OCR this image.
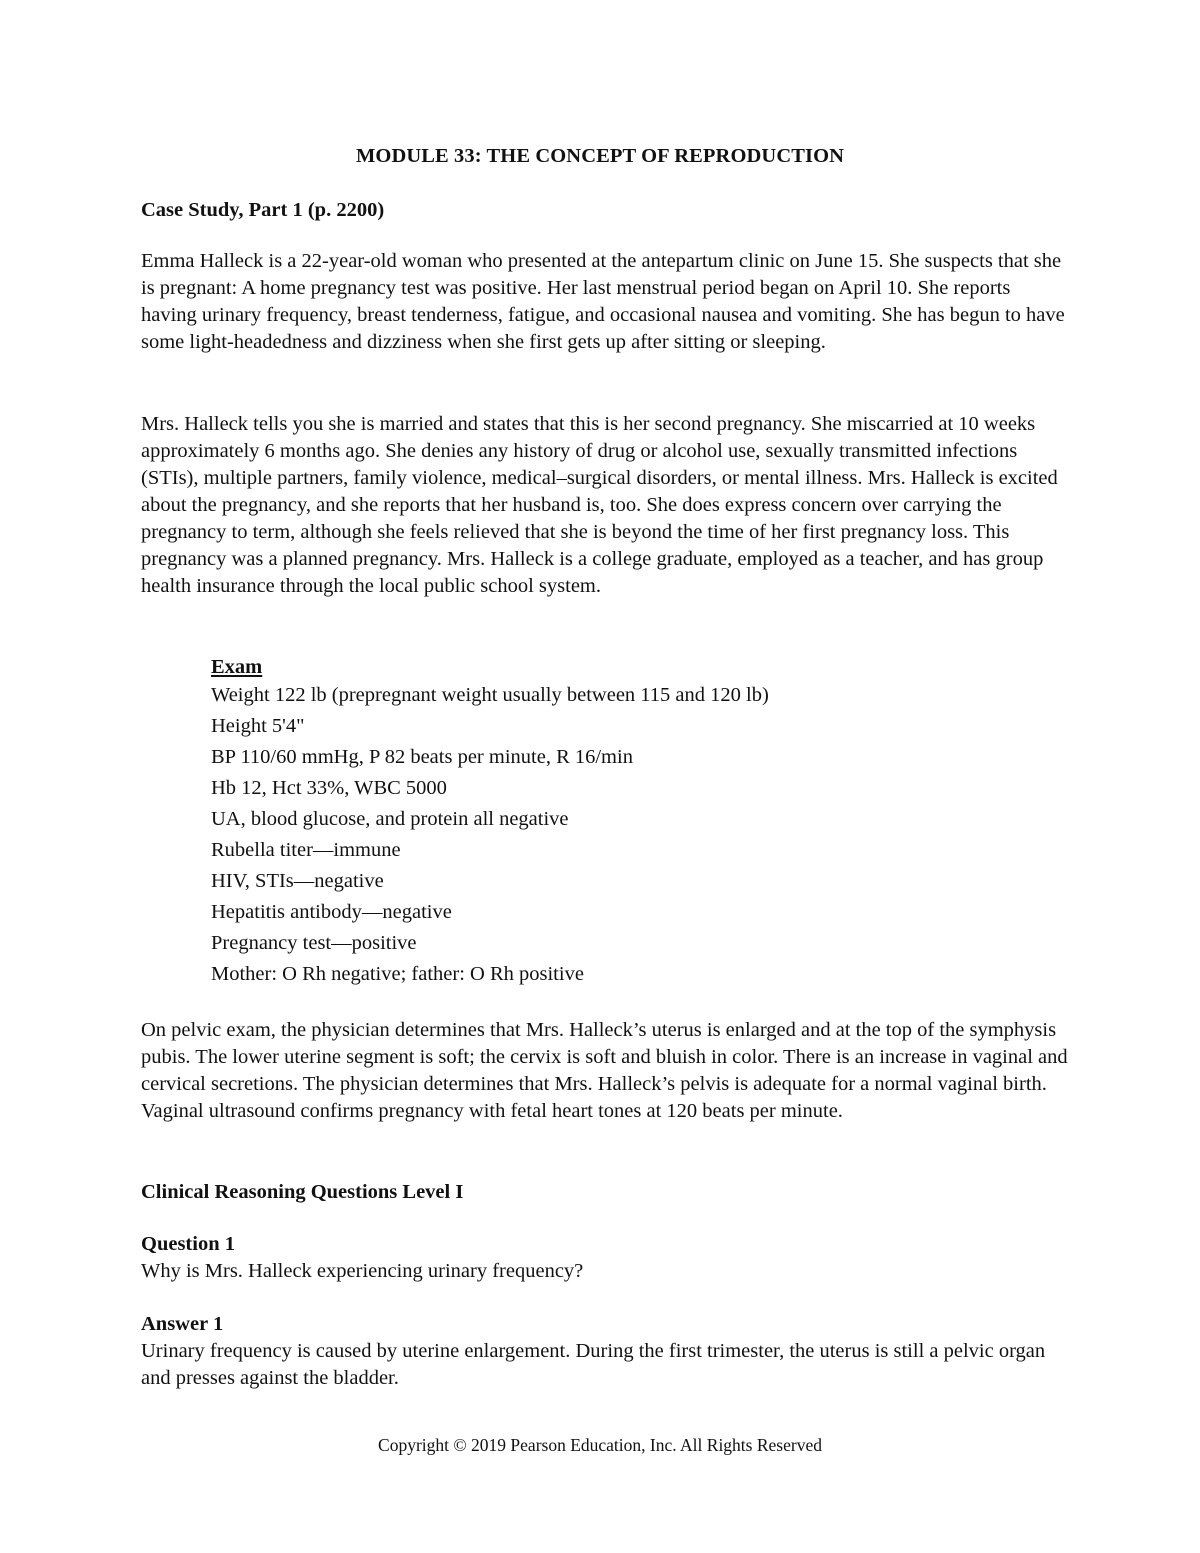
MODULE 33: THE CONCEPT OF REPRODUCTION
Case Study, Part 1 (p. 2200)

Emma Halleck is a 22-year-old woman who presented at the antepartum clinic on June 15. She suspects that she is pregnant: A home pregnancy test was positive. Her last menstrual period began on April 10. She reports having urinary frequency, breast tenderness, fatigue, and occasional nausea and vomiting. She has begun to have some light-headedness and dizziness when she first gets up after sitting or sleeping.

Mrs. Halleck tells you she is married and states that this is her second pregnancy. She miscarried at 10 weeks approximately 6 months ago. She denies any history of drug or alcohol use, sexually transmitted infections (STIs), multiple partners, family violence, medical–surgical disorders, or mental illness. Mrs. Halleck is excited about the pregnancy, and she reports that her husband is, too. She does express concern over carrying the pregnancy to term, although she feels relieved that she is beyond the time of her first pregnancy loss. This pregnancy was a planned pregnancy. Mrs. Halleck is a college graduate, employed as a teacher, and has group health insurance through the local public school system.

Exam
Weight 122 lb (prepregnant weight usually between 115 and 120 lb)
Height 5'4"
BP 110/60 mmHg, P 82 beats per minute, R 16/min
Hb 12, Hct 33%, WBC 5000
UA, blood glucose, and protein all negative
Rubella titer—immune
HIV, STIs—negative
Hepatitis antibody—negative
Pregnancy test—positive
Mother: O Rh negative; father: O Rh positive

On pelvic exam, the physician determines that Mrs. Halleck’s uterus is enlarged and at the top of the symphysis pubis. The lower uterine segment is soft; the cervix is soft and bluish in color. There is an increase in vaginal and cervical secretions. The physician determines that Mrs. Halleck’s pelvis is adequate for a normal vaginal birth. Vaginal ultrasound confirms pregnancy with fetal heart tones at 120 beats per minute.

Clinical Reasoning Questions Level I
Question 1
Why is Mrs. Halleck experiencing urinary frequency?
Answer 1

Urinary frequency is caused by uterine enlargement. During the first trimester, the uterus is still a pelvic organ and presses against the bladder.

Copyright © 2019 Pearson Education, Inc. All Rights Reserved
